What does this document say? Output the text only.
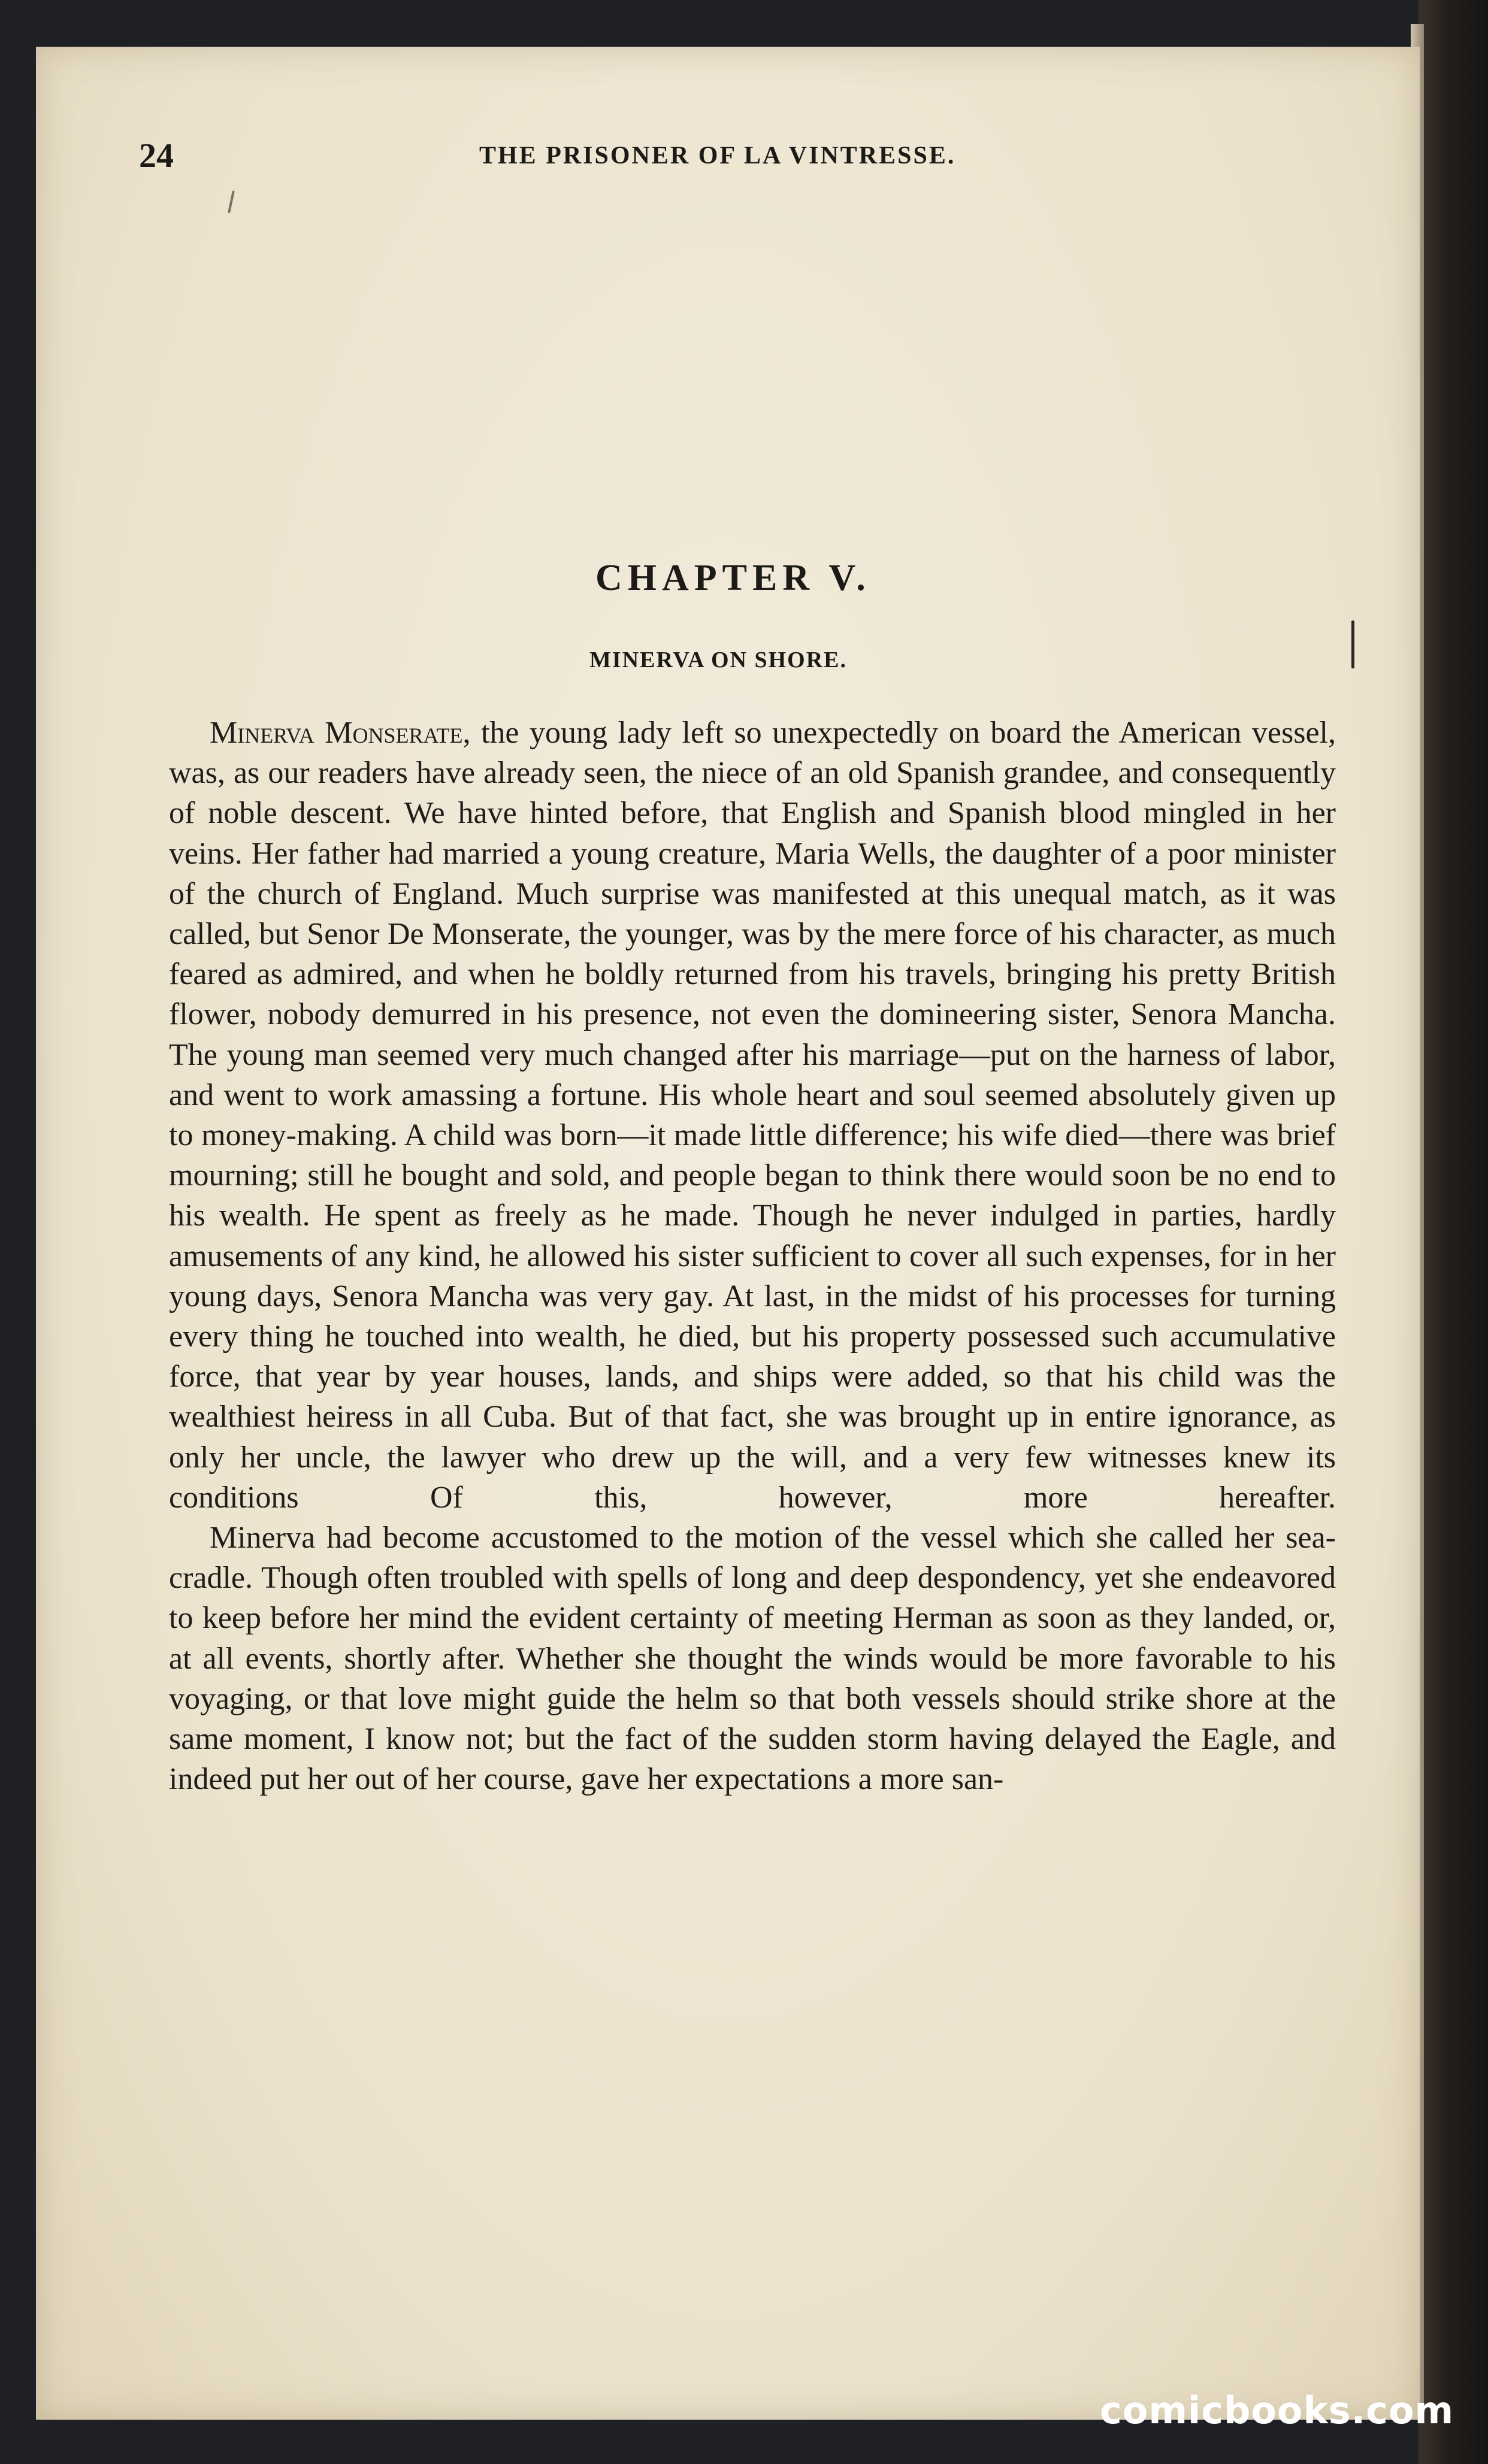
24	THE PRISONER OF LA VINTRESSE.
CHAPTER V.
MINERVA ON SHORE.

Minerva Monserate, the young lady left so unexpectedly on board the American vessel, was, as our readers have already seen, the niece of an old Spanish grandee, and consequently of noble descent. We have hinted before, that English and Spanish blood mingled in her veins. Her father had married a young creature, Maria Wells, the daughter of a poor minister of the church of England. Much surprise was manifested at this unequal match, as it was called, but Senor De Monserate, the younger, was by the mere force of his character, as much feared as admired, and when he boldly returned from his travels, bringing his pretty British flower, nobody demurred in his presence, not even the domineering sister, Senora Mancha. The young man seemed very much changed after his marriage—put on the harness of labor, and went to work amassing a fortune. His whole heart and soul seemed absolutely given up to money-making. A child was born—it made little difference; his wife died—there was brief mourning; still he bought and sold, and people began to think there would soon be no end to his wealth. He spent as freely as he made. Though he never indulged in parties, hardly amusements of any kind, he allowed his sister sufficient to cover all such expenses, for in her young days, Senora Mancha was very gay. At last, in the midst of his processes for turning every thing he touched into wealth, he died, but his property possessed such accumulative force, that year by year houses, lands, and ships were added, so that his child was the wealthiest heiress in all Cuba. But of that fact, she was brought up in entire ignorance, as only her uncle, the lawyer who drew up the will, and a very few witnesses knew its conditions Of this, however, more hereafter.

Minerva had become accustomed to the motion of the vessel which she called her sea-cradle. Though often troubled with spells of long and deep despondency, yet she endeavored to keep before her mind the evident certainty of meeting Herman as soon as they landed, or, at all events, shortly after. Whether she thought the winds would be more favorable to his voyaging, or that love might guide the helm so that both vessels should strike shore at the same moment, I know not; but the fact of the sudden storm having delayed the Eagle, and indeed put her out of her course, gave her expectations a more san-

comicbooks.com
